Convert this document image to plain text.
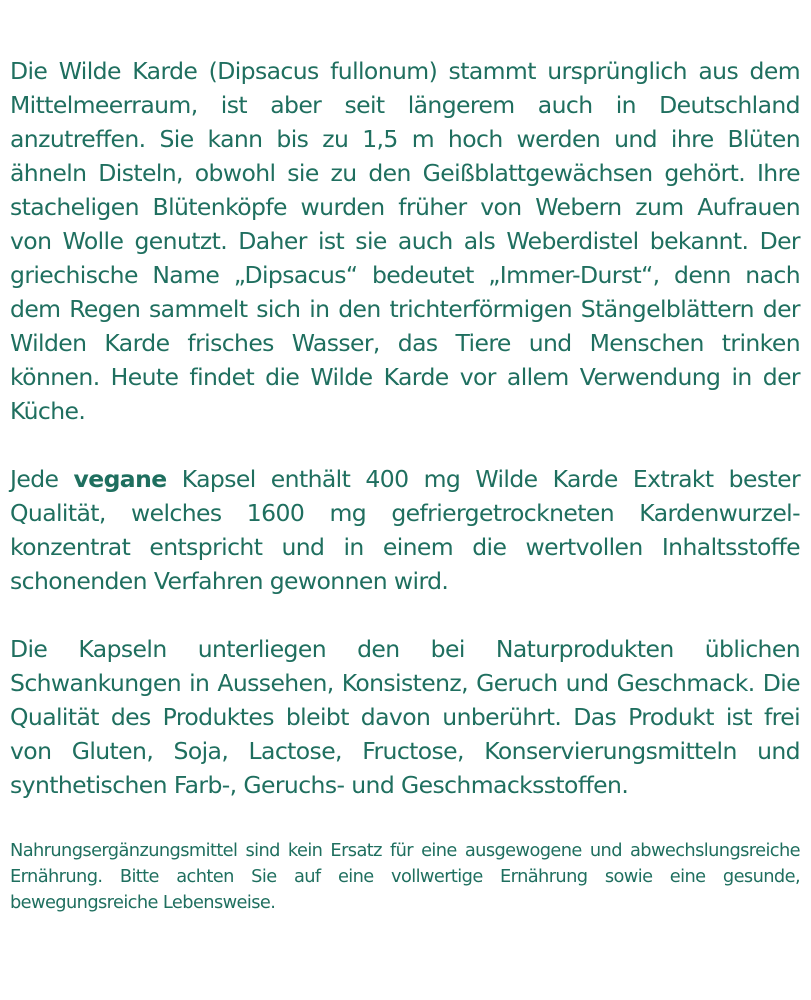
Die Wilde Karde (Dipsacus fullonum) stammt ursprünglich aus dem Mittelmeerraum, ist aber seit längerem auch in Deutschland anzutreffen. Sie kann bis zu 1,5 m hoch werden und ihre Blüten ähneln Disteln, obwohl sie zu den Geißblattgewächsen gehört. Ihre stacheligen Blütenköpfe wurden früher von Webern zum Aufrauen von Wolle genutzt. Daher ist sie auch als Weberdistel bekannt. Der griechische Name „Dipsacus“ bedeutet „Immer-Durst“, denn nach dem Regen sammelt sich in den trichterförmigen Stängelblättern der Wilden Karde frisches Wasser, das Tiere und Menschen trinken können. Heute findet die Wilde Karde vor allem Verwendung in der Küche.

Jede vegane Kapsel enthält 400 mg Wilde Karde Extrakt bester Qualität, welches 1600 mg gefriergetrockneten Kardenwurzel-konzentrat entspricht und in einem die wertvollen Inhaltsstoffe schonenden Verfahren gewonnen wird.

Die Kapseln unterliegen den bei Naturprodukten üblichen Schwankungen in Aussehen, Konsistenz, Geruch und Geschmack. Die Qualität des Produktes bleibt davon unberührt. Das Produkt ist frei von Gluten, Soja, Lactose, Fructose, Konservierungsmitteln und synthetischen Farb-, Geruchs- und Geschmacksstoffen.

Nahrungsergänzungsmittel sind kein Ersatz für eine ausgewogene und abwechslungsreiche Ernährung. Bitte achten Sie auf eine vollwertige Ernährung sowie eine gesunde, bewegungsreiche Lebensweise.
